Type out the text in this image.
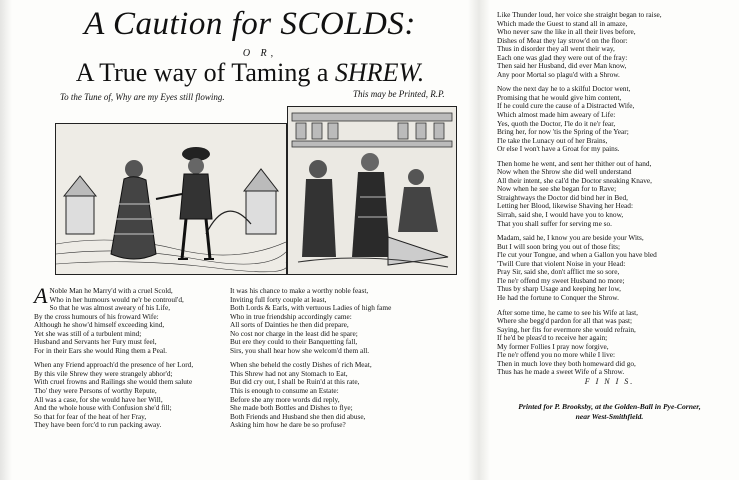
A Caution for SCOLDS:
O R,
A True way of Taming a SHREW.
To the Tune of, Why are my Eyes still flowing.	This may be Printed, R.P.

A Noble Man he Marry'd with a cruel Scold,
Who in her humours would ne'r be controul'd,
So that he was almost aweary of his Life,
By the cross humours of his froward Wife:
Although he show'd himself exceeding kind,
Yet she was still of a turbulent mind;
Husband and Servants her Fury must feel,
For in their Ears she would Ring them a Peal.

When any Friend approach'd the presence of her Lord,
By this vile Shrew they were strangely abhor'd;
With cruel frowns and Railings she would them salute
Tho' they were Persons of worthy Repute,
All was a case, for she would have her Will,
And the whole house with Confusion she'd fill;
So that for fear of the heat of her Fray,
They have been forc'd to run packing away.

It was his chance to make a worthy noble feast,
Inviting full forty couple at least,
Both Lords & Earls, with vertuous Ladies of high fame
Who in true friendship accordingly came:
All sorts of Dainties he then did prepare,
No cost nor charge in the least did he spare;
But ere they could to their Banquetting fall,
Sirs, you shall hear how she welcom'd them all.

When she beheld the costly Dishes of rich Meat,
This Shrew had not any Stomach to Eat,
But did cry out, I shall be Ruin'd at this rate,
This is enough to consume an Estate:
Before she any more words did reply,
She made both Bottles and Dishes to flye;
Both Friends and Husband she then did abuse,
Asking him how he dare be so profuse?

Like Thunder loud, her voice she straight began to raise,
Which made the Guest to stand all in amaze,
Who never saw the like in all their lives before,
Dishes of Meat they lay strow'd on the floor:
Thus in disorder they all went their way,
Each one was glad they were out of the fray:
Then said her Husband, did ever Man know,
Any poor Mortal so plagu'd with a Shrow.

Now the next day he to a skilful Doctor went,
Promising that he would give him content,
If he could cure the cause of a Distracted Wife,
Which almost made him aweary of Life:
Yes, quoth the Doctor, I'le do it ne'r fear,
Bring her, for now 'tis the Spring of the Year;
I'le take the Lunacy out of her Brains,
Or else I won't have a Groat for my pains.

Then home he went, and sent her thither out of hand,
Now when the Shrow she did well understand
All their intent, she cal'd the Doctor sneaking Knave,
Now when he see she began for to Rave;
Straightways the Doctor did bind her in Bed,
Letting her Blood, likewise Shaving her Head:
Sirrah, said she, I would have you to know,
That you shall suffer for serving me so.

Madam, said he, I know you are beside your Wits,
But I will soon bring you out of those fits;
I'le cut your Tongue, and when a Gallon you have bled
'Twill Cure that violent Noise in your Head:
Pray Sir, said she, don't afflict me so sore,
I'le ne'r offend my sweet Husband no more;
Thus by sharp Usage and keeping her low,
He had the fortune to Conquer the Shrow.

After some time, he came to see his Wife at last,
Where she begg'd pardon for all that was past;
Saying, her fits for evermore she would refrain,
If he'd be pleas'd to receive her again;
My former Follies I pray now forgive,
I'le ne'r offend you no more while I live:
Then in much love they both homeward did go,
Thus has he made a sweet Wife of a Shrow.

F I N I S.
Printed for P. Brooksby, at the Golden-Ball in Pye-Corner,
near West-Smithfield.
